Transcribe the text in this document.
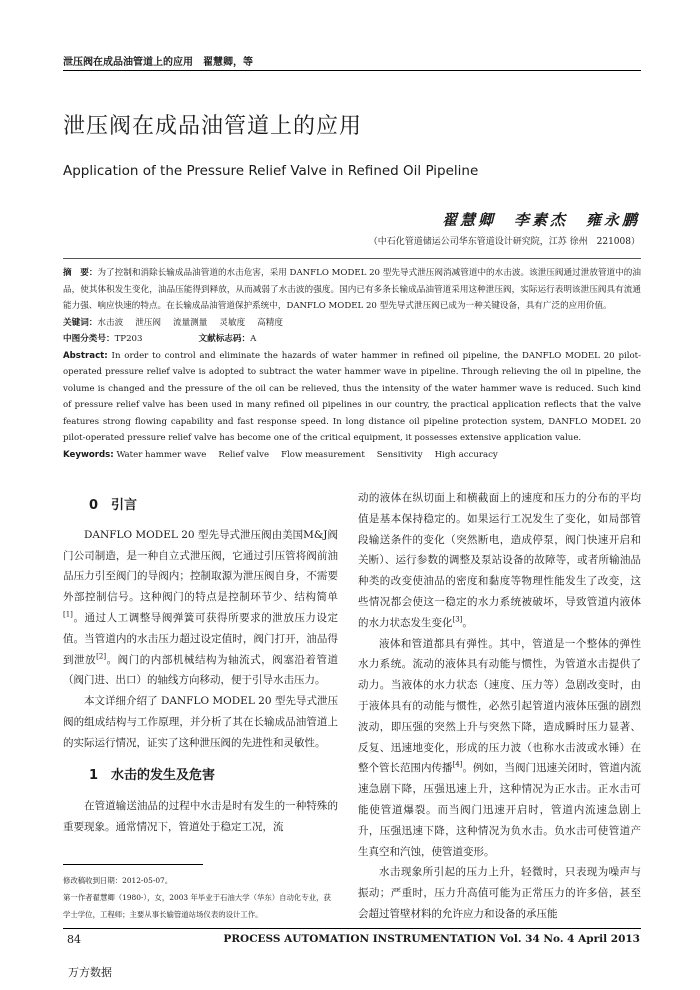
泄压阀在成品油管道上的应用　翟慧卿，等
泄压阀在成品油管道上的应用
Application of the Pressure Relief Valve in Refined Oil Pipeline
翟慧卿　李素杰　雍永鹏
（中石化管道储运公司华东管道设计研究院，江苏 徐州　221008）

摘　要：为了控制和消除长输成品油管道的水击危害，采用 DANFLO MODEL 20 型先导式泄压阀消减管道中的水击波。该泄压阀通过泄放管道中的油品，使其体积发生变化，油品压能得到释放，从而减弱了水击波的强度。国内已有多条长输成品油管道采用这种泄压阀，实际运行表明该泄压阀具有流通能力强、响应快速的特点。在长输成品油管道保护系统中，DANFLO MODEL 20 型先导式泄压阀已成为一种关键设备，具有广泛的应用价值。

关键词：水击波 泄压阀 流量测量 灵敏度 高精度

中图分类号：TP203	文献标志码：A

Abstract: In order to control and eliminate the hazards of water hammer in refined oil pipeline, the DANFLO MODEL 20 pilot-operated pressure relief valve is adopted to subtract the water hammer wave in pipeline. Through relieving the oil in pipeline, the volume is changed and the pressure of the oil can be relieved, thus the intensity of the water hammer wave is reduced. Such kind of pressure relief valve has been used in many refined oil pipelines in our country, the practical application reflects that the valve features strong flowing capability and fast response speed. In long distance oil pipeline protection system, DANFLO MODEL 20 pilot-operated pressure relief valve has become one of the critical equipment, it possesses extensive application value.

Keywords: Water hammer wave Relief valve Flow measurement Sensitivity High accuracy

0　引言

DANFLO MODEL 20 型先导式泄压阀由美国M&J阀门公司制造，是一种自立式泄压阀，它通过引压管将阀前油品压力引至阀门的导阀内；控制取源为泄压阀自身，不需要外部控制信号。这种阀门的特点是控制环节少、结构简单[1]。通过人工调整导阀弹簧可获得所要求的泄放压力设定值。当管道内的水击压力超过设定值时，阀门打开，油品得到泄放[2]。阀门的内部机械结构为轴流式，阀塞沿着管道（阀门进、出口）的轴线方向移动，便于引导水击压力。

本文详细介绍了 DANFLO MODEL 20 型先导式泄压阀的组成结构与工作原理，并分析了其在长输成品油管道上的实际运行情况，证实了这种泄压阀的先进性和灵敏性。

1　水击的发生及危害

在管道输送油品的过程中水击是时有发生的一种特殊的重要现象。通常情况下，管道处于稳定工况，流

动的液体在纵切面上和横截面上的速度和压力的分布的平均值是基本保持稳定的。如果运行工况发生了变化，如局部管段输送条件的变化（突然断电，造成停泵，阀门快速开启和关断）、运行参数的调整及泵站设备的故障等，或者所输油品种类的改变使油品的密度和黏度等物理性能发生了改变，这些情况都会使这一稳定的水力系统被破坏，导致管道内液体的水力状态发生变化[3]。

液体和管道都具有弹性。其中，管道是一个整体的弹性水力系统。流动的液体具有动能与惯性，为管道水击提供了动力。当液体的水力状态（速度、压力等）急剧改变时，由于液体具有的动能与惯性，必然引起管道内液体压强的剧烈波动，即压强的突然上升与突然下降，造成瞬时压力显著、反复、迅速地变化，形成的压力波（也称水击波或水锤）在整个管长范围内传播[4]。例如，当阀门迅速关闭时，管道内流速急剧下降，压强迅速上升，这种情况为正水击。正水击可能使管道爆裂。而当阀门迅速开启时，管道内流速急剧上升，压强迅速下降，这种情况为负水击。负水击可使管道产生真空和汽蚀，使管道变形。

水击现象所引起的压力上升，轻微时，只表现为噪声与振动；严重时，压力升高值可能为正常压力的许多倍，甚至会超过管壁材料的允许应力和设备的承压能

修改稿收到日期：2012-05-07。

第一作者翟慧卿（1980-），女，2003 年毕业于石油大学（华东）自动化专业，获学士学位，工程师；主要从事长输管道站场仪表的设计工作。

84	PROCESS AUTOMATION INSTRUMENTATION Vol. 34 No. 4 April 2013
万方数据
